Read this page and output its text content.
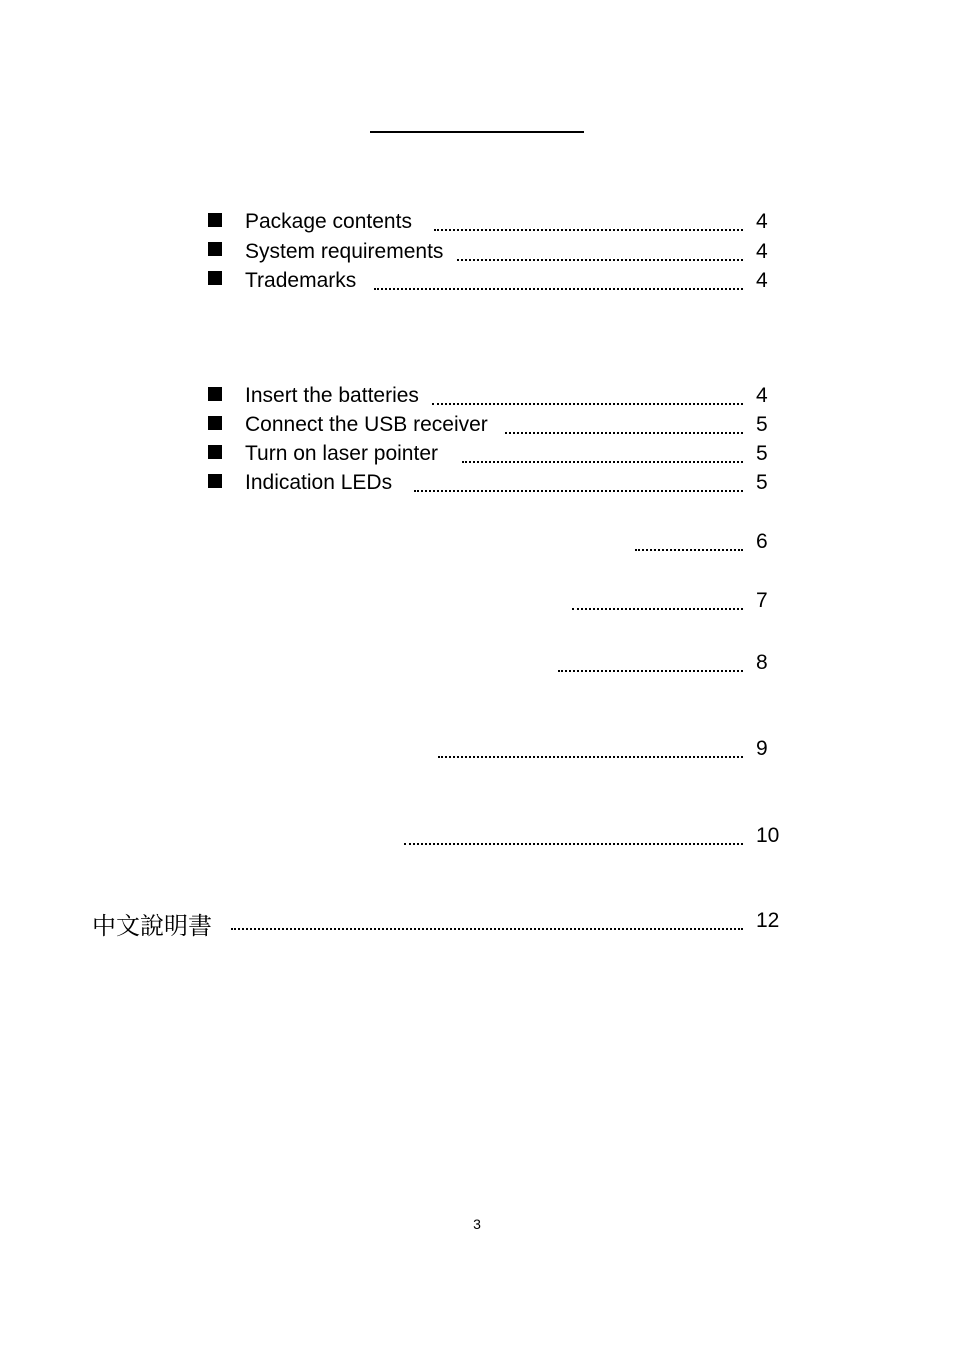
Package contents	4
System requirements	4
Trademarks	4
Insert the batteries	4
Connect the USB receiver	5
Turn on laser pointer	5
Indication LEDs	5
6
7
8
9
10
中文說明書	12
3
